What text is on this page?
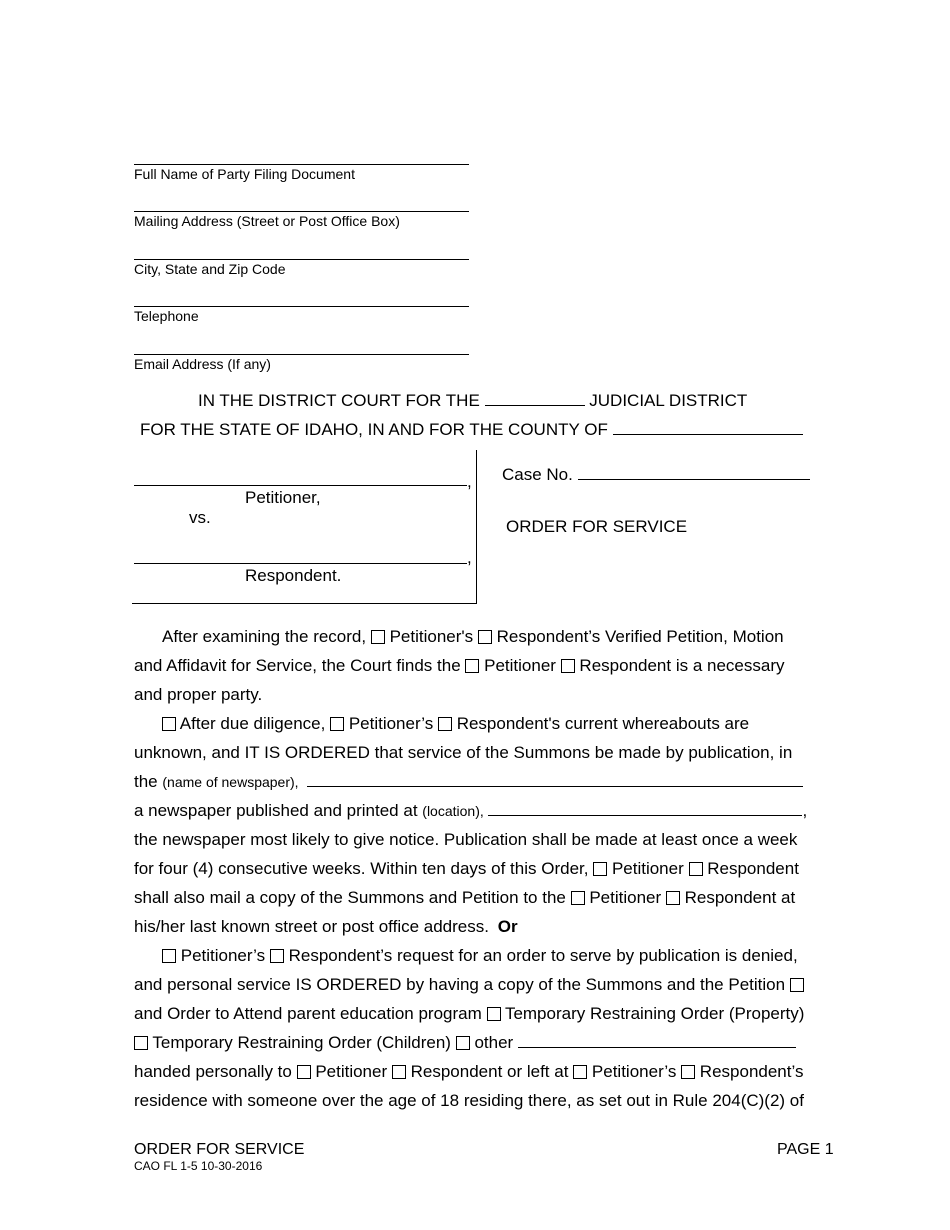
Full Name of Party Filing Document
Mailing Address (Street or Post Office Box)
City, State and Zip Code
Telephone
Email Address (If any)
IN THE DISTRICT COURT FOR THE	JUDICIAL DISTRICT
FOR THE STATE OF IDAHO, IN AND FOR THE COUNTY OF
,
Petitioner,
vs.
,
Respondent.
Case No.
ORDER FOR SERVICE
After examining the record, Petitioner's Respondent’s Verified Petition, Motion
and Affidavit for Service, the Court finds the Petitioner Respondent is a necessary
and proper party.
After due diligence, Petitioner’s Respondent's current whereabouts are
unknown, and IT IS ORDERED that service of the Summons be made by publication, in
the (name of newspaper),
a newspaper published and printed at (location),	,
the newspaper most likely to give notice. Publication shall be made at least once a week
for four (4) consecutive weeks. Within ten days of this Order, Petitioner Respondent
shall also mail a copy of the Summons and Petition to the Petitioner Respondent at
his/her last known street or post office address. Or
Petitioner’s Respondent’s request for an order to serve by publication is denied,
and personal service IS ORDERED by having a copy of the Summons and the Petition
and Order to Attend parent education program Temporary Restraining Order (Property)
Temporary Restraining Order (Children) other
handed personally to Petitioner Respondent or left at Petitioner’s Respondent’s
residence with someone over the age of 18 residing there, as set out in Rule 204(C)(2) of
ORDER FOR SERVICE
CAO FL 1-5 10-30-2016
PAGE 1
